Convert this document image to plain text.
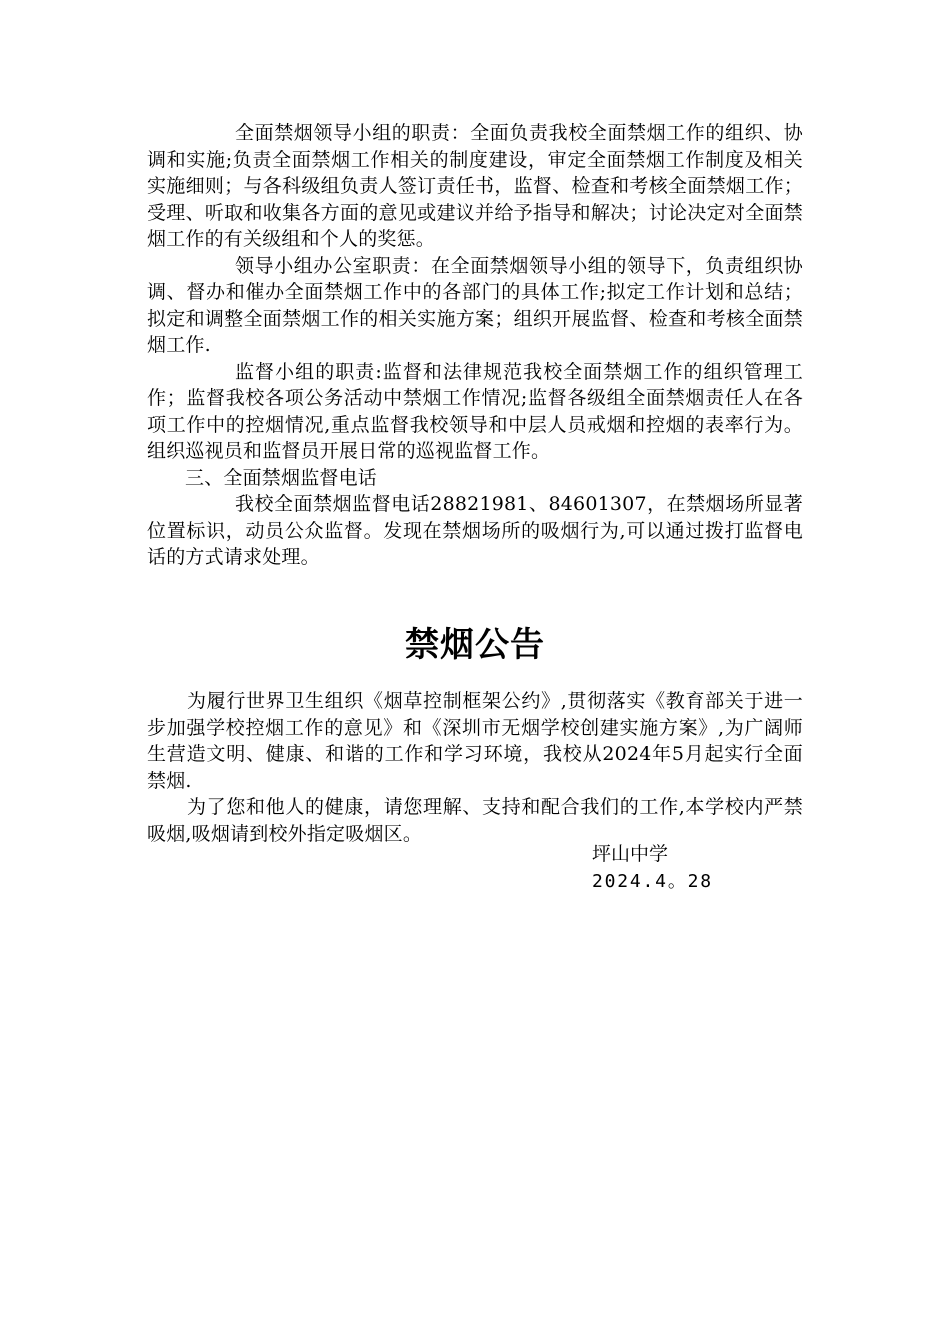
全面禁烟领导小组的职责：全面负责我校全面禁烟工作的组织、协调和实施;负责全面禁烟工作相关的制度建设，审定全面禁烟工作制度及相关实施细则；与各科级组负责人签订责任书，监督、检查和考核全面禁烟工作；受理、听取和收集各方面的意见或建议并给予指导和解决；讨论决定对全面禁烟工作的有关级组和个人的奖惩。

领导小组办公室职责：在全面禁烟领导小组的领导下，负责组织协调、督办和催办全面禁烟工作中的各部门的具体工作;拟定工作计划和总结；拟定和调整全面禁烟工作的相关实施方案；组织开展监督、检查和考核全面禁烟工作.

监督小组的职责:监督和法律规范我校全面禁烟工作的组织管理工作；监督我校各项公务活动中禁烟工作情况;监督各级组全面禁烟责任人在各项工作中的控烟情况,重点监督我校领导和中层人员戒烟和控烟的表率行为。组织巡视员和监督员开展日常的巡视监督工作。

三、全面禁烟监督电话

我校全面禁烟监督电话28821981、84601307，在禁烟场所显著位置标识，动员公众监督。发现在禁烟场所的吸烟行为,可以通过拨打监督电话的方式请求处理。

禁烟公告

为履行世界卫生组织《烟草控制框架公约》,贯彻落实《教育部关于进一步加强学校控烟工作的意见》和《深圳市无烟学校创建实施方案》,为广阔师生营造文明、健康、和谐的工作和学习环境，我校从2024年5月起实行全面禁烟.

为了您和他人的健康，请您理解、支持和配合我们的工作,本学校内严禁吸烟,吸烟请到校外指定吸烟区。

坪山中学
2024.4。28
